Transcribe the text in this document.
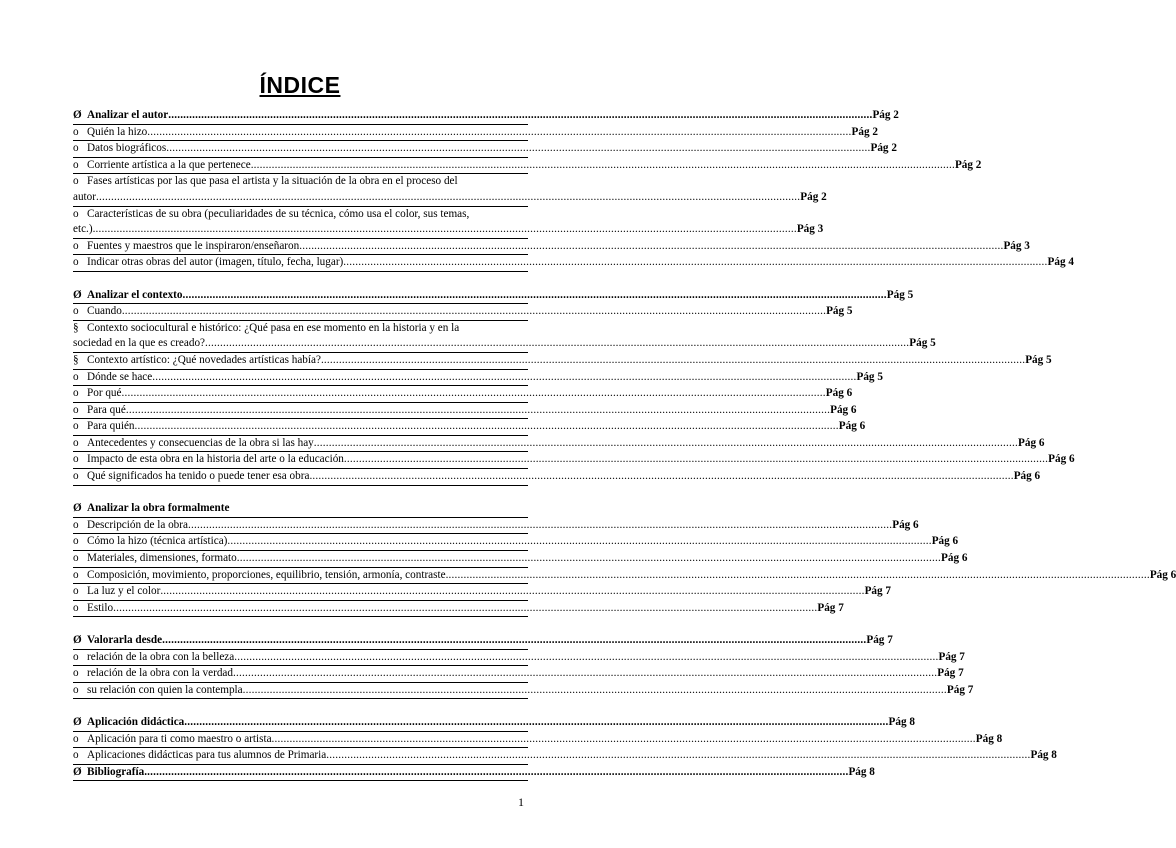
ÍNDICE
Ø Analizar el autor ........................................................................................................................................................................................................................................... Pág 2
o Quién la hizo ........................................................................................................................................................................................................................................... Pág 2
o Datos biográficos ........................................................................................................................................................................................................................................... Pág 2
o Corriente artística a la que pertenece ........................................................................................................................................................................................................................................... Pág 2
o Fases artísticas por las que pasa el artista y la situación de la obra en el proceso del
autor ........................................................................................................................................................................................................................................... Pág 2
o Características de su obra (peculiaridades de su técnica, cómo usa el color, sus temas,
etc.) ........................................................................................................................................................................................................................................... Pág 3
o Fuentes y maestros que le inspiraron/enseñaron ........................................................................................................................................................................................................................................... Pág 3
o Indicar otras obras del autor (imagen, título, fecha, lugar) ........................................................................................................................................................................................................................................... Pág 4
Ø Analizar el contexto ........................................................................................................................................................................................................................................... Pág 5
o Cuando ........................................................................................................................................................................................................................................... Pág 5
§ Contexto sociocultural e histórico: ¿Qué pasa en ese momento en la historia y en la
sociedad en la que es creado? ........................................................................................................................................................................................................................................... Pág 5
§ Contexto artístico: ¿Qué novedades artísticas había? ........................................................................................................................................................................................................................................... Pág 5
o Dónde se hace ........................................................................................................................................................................................................................................... Pág 5
o Por qué ........................................................................................................................................................................................................................................... Pág 6
o Para qué ........................................................................................................................................................................................................................................... Pág 6
o Para quién ........................................................................................................................................................................................................................................... Pág 6
o Antecedentes y consecuencias de la obra si las hay ........................................................................................................................................................................................................................................... Pág 6
o Impacto de esta obra en la historia del arte o la educación ........................................................................................................................................................................................................................................... Pág 6
o Qué significados ha tenido o puede tener esa obra ........................................................................................................................................................................................................................................... Pág 6
Ø Analizar la obra formalmente
o Descripción de la obra ........................................................................................................................................................................................................................................... Pág 6
o Cómo la hizo (técnica artística) ........................................................................................................................................................................................................................................... Pág 6
o Materiales, dimensiones, formato ........................................................................................................................................................................................................................................... Pág 6
o Composición, movimiento, proporciones, equilibrio, tensión, armonía, contraste ........................................................................................................................................................................................................................................... Pág 6
o La luz y el color ........................................................................................................................................................................................................................................... Pág 7
o Estilo ........................................................................................................................................................................................................................................... Pág 7
Ø Valorarla desde ........................................................................................................................................................................................................................................... Pág 7
o relación de la obra con la belleza ........................................................................................................................................................................................................................................... Pág 7
o relación de la obra con la verdad ........................................................................................................................................................................................................................................... Pág 7
o su relación con quien la contempla ........................................................................................................................................................................................................................................... Pág 7
Ø Aplicación didáctica ........................................................................................................................................................................................................................................... Pág 8
o Aplicación para ti como maestro o artista ........................................................................................................................................................................................................................................... Pág 8
o Aplicaciones didácticas para tus alumnos de Primaria ........................................................................................................................................................................................................................................... Pág 8
Ø Bibliografía ........................................................................................................................................................................................................................................... Pág 8
1
